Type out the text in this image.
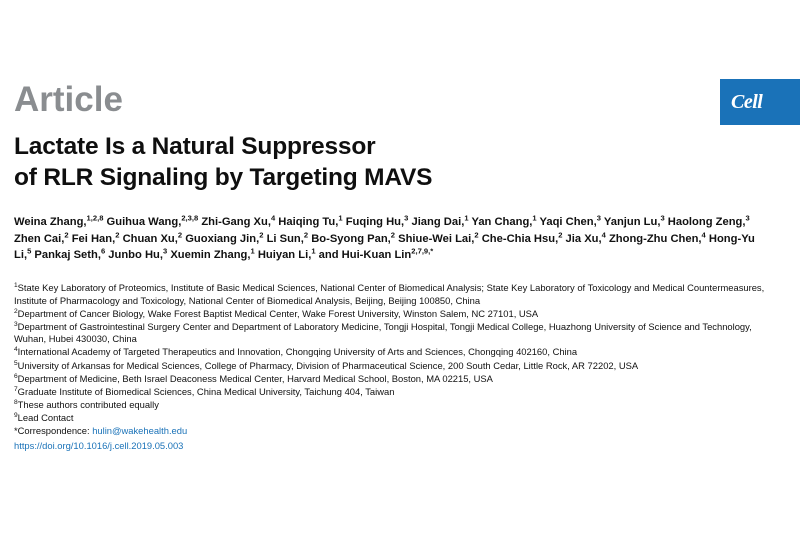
Article	Cell
Lactate Is a Natural Suppressor
of RLR Signaling by Targeting MAVS
Weina Zhang,$^{1,2,8}$ Guihua Wang,$^{2,3,8}$ Zhi-Gang Xu,$^4$ Haiqing Tu,$^1$ Fuqing Hu,$^3$ Jiang Dai,$^1$ Yan Chang,$^1$ Yaqi Chen,$^3$ Yanjun Lu,$^3$ Haolong Zeng,$^3$ Zhen Cai,$^2$ Fei Han,$^2$ Chuan Xu,$^2$ Guoxiang Jin,$^2$ Li Sun,$^2$ Bo-Syong Pan,$^2$ Shiue-Wei Lai,$^2$ Che-Chia Hsu,$^2$ Jia Xu,$^4$ Zhong-Zhu Chen,$^4$ Hong-Yu Li,$^5$ Pankaj Seth,$^6$ Junbo Hu,$^3$ Xuemin Zhang,$^1$ Huiyan Li,$^1$ and Hui-Kuan Lin$^{2,7,9,*}$
$^1$State Key Laboratory of Proteomics, Institute of Basic Medical Sciences, National Center of Biomedical Analysis; State Key Laboratory of Toxicology and Medical Countermeasures, Institute of Pharmacology and Toxicology, National Center of Biomedical Analysis, Beijing, Beijing 100850, China
$^2$Department of Cancer Biology, Wake Forest Baptist Medical Center, Wake Forest University, Winston Salem, NC 27101, USA
$^3$Department of Gastrointestinal Surgery Center and Department of Laboratory Medicine, Tongji Hospital, Tongji Medical College, Huazhong University of Science and Technology, Wuhan, Hubei 430030, China
$^4$International Academy of Targeted Therapeutics and Innovation, Chongqing University of Arts and Sciences, Chongqing 402160, China
$^5$University of Arkansas for Medical Sciences, College of Pharmacy, Division of Pharmaceutical Science, 200 South Cedar, Little Rock, AR 72202, USA
$^6$Department of Medicine, Beth Israel Deaconess Medical Center, Harvard Medical School, Boston, MA 02215, USA
$^7$Graduate Institute of Biomedical Sciences, China Medical University, Taichung 404, Taiwan
$^8$These authors contributed equally
$^9$Lead Contact
*Correspondence: hulin@wakehealth.edu
https://doi.org/10.1016/j.cell.2019.05.003
